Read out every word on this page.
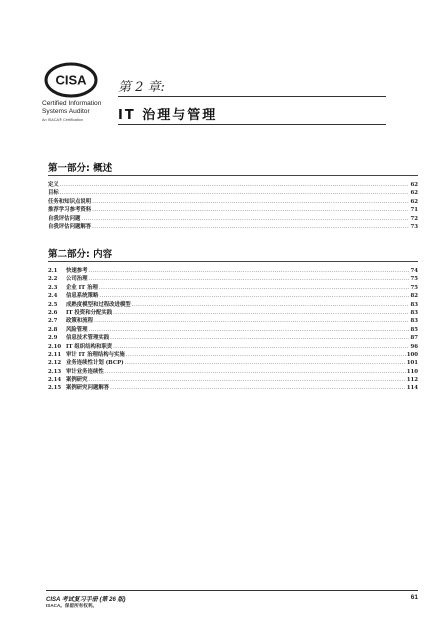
CISA
Certified Information
Systems Auditor
An ISACA® Certification
第 2 章:
IT 治理与管理
第一部分: 概述
定义 .....	62
目标 .....	62
任务和知识点说明 .....	62
推荐学习参考资料 .....	71
自我评估问题 .....	72
自我评估问题解答 .....	73
第二部分: 内容
2.1	快速参考 .....	74
2.2	公司治理 .....	75
2.3	企业 IT 治理 .....	75
2.4	信息系统策略 .....	82
2.5	成熟度模型和过程改进模型 .....	83
2.6	IT 投资和分配实践 .....	83
2.7	政策和流程 .....	83
2.8	风险管理 .....	85
2.9	信息技术管理实践 .....	87
2.10 IT 组织结构和职责 .....	96
2.11 审计 IT 治理结构与实施 .....	100
2.12 业务连续性计划 (BCP) .....	101
2.13 审计业务连续性 .....	110
2.14 案例研究 .....	112
2.15 案例研究问题解答 .....	114
CISA 考试复习手册 (第 26 版)
ISACA。保留所有权利。
61
